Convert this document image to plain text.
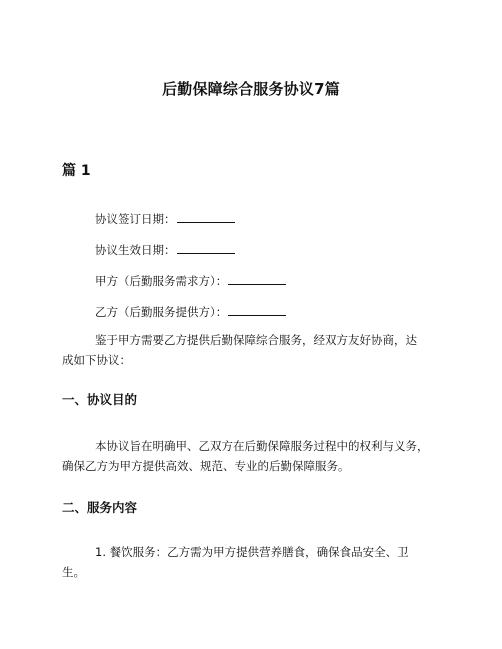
后勤保障综合服务协议7篇
篇 1
协议签订日期：
协议生效日期：
甲方（后勤服务需求方）：
乙方（后勤服务提供方）：
鉴于甲方需要乙方提供后勤保障综合服务，经双方友好协商，达
成如下协议：
一、协议目的
本协议旨在明确甲、乙双方在后勤保障服务过程中的权利与义务，
确保乙方为甲方提供高效、规范、专业的后勤保障服务。
二、服务内容
1. 餐饮服务：乙方需为甲方提供营养膳食，确保食品安全、卫
生。
